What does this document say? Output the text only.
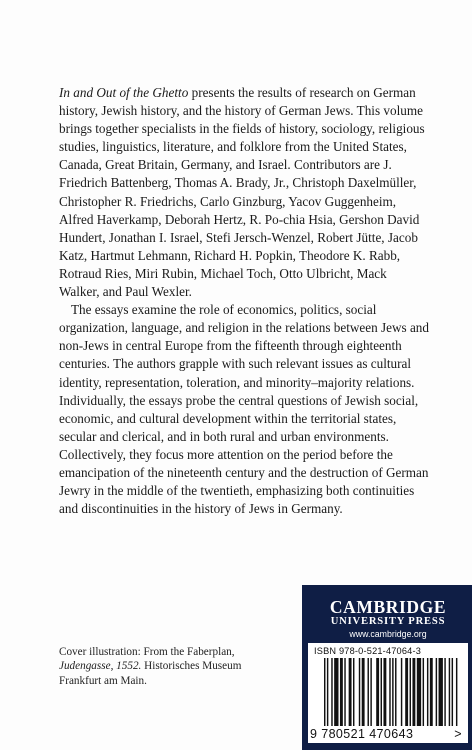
In and Out of the Ghetto presents the results of research on German history, Jewish history, and the history of German Jews. This volume brings together specialists in the fields of history, sociology, religious studies, linguistics, literature, and folklore from the United States, Canada, Great Britain, Germany, and Israel. Contributors are J. Friedrich Battenberg, Thomas A. Brady, Jr., Christoph Daxelmüller, Christopher R. Friedrichs, Carlo Ginzburg, Yacov Guggenheim, Alfred Haverkamp, Deborah Hertz, R. Po-chia Hsia, Gershon David Hundert, Jonathan I. Israel, Stefi Jersch-Wenzel, Robert Jütte, Jacob Katz, Hartmut Lehmann, Richard H. Popkin, Theodore K. Rabb, Rotraud Ries, Miri Rubin, Michael Toch, Otto Ulbricht, Mack Walker, and Paul Wexler.

The essays examine the role of economics, politics, social organization, language, and religion in the relations between Jews and non-Jews in central Europe from the fifteenth through eighteenth centuries. The authors grapple with such relevant issues as cultural identity, representation, toleration, and minority–majority relations. Individually, the essays probe the central questions of Jewish social, economic, and cultural development within the territorial states, secular and clerical, and in both rural and urban environments. Collectively, they focus more attention on the period before the emancipation of the nineteenth century and the destruction of German Jewry in the middle of the twentieth, emphasizing both continuities and discontinuities in the history of Jews in Germany.

Cover illustration: From the Faberplan,
Judengasse, 1552. Historisches Museum Frankfurt am Main.

CAMBRIDGE
UNIVERSITY PRESS
www.cambridge.org
ISBN 978-0-521-47064-3
9 780521 470643	>
